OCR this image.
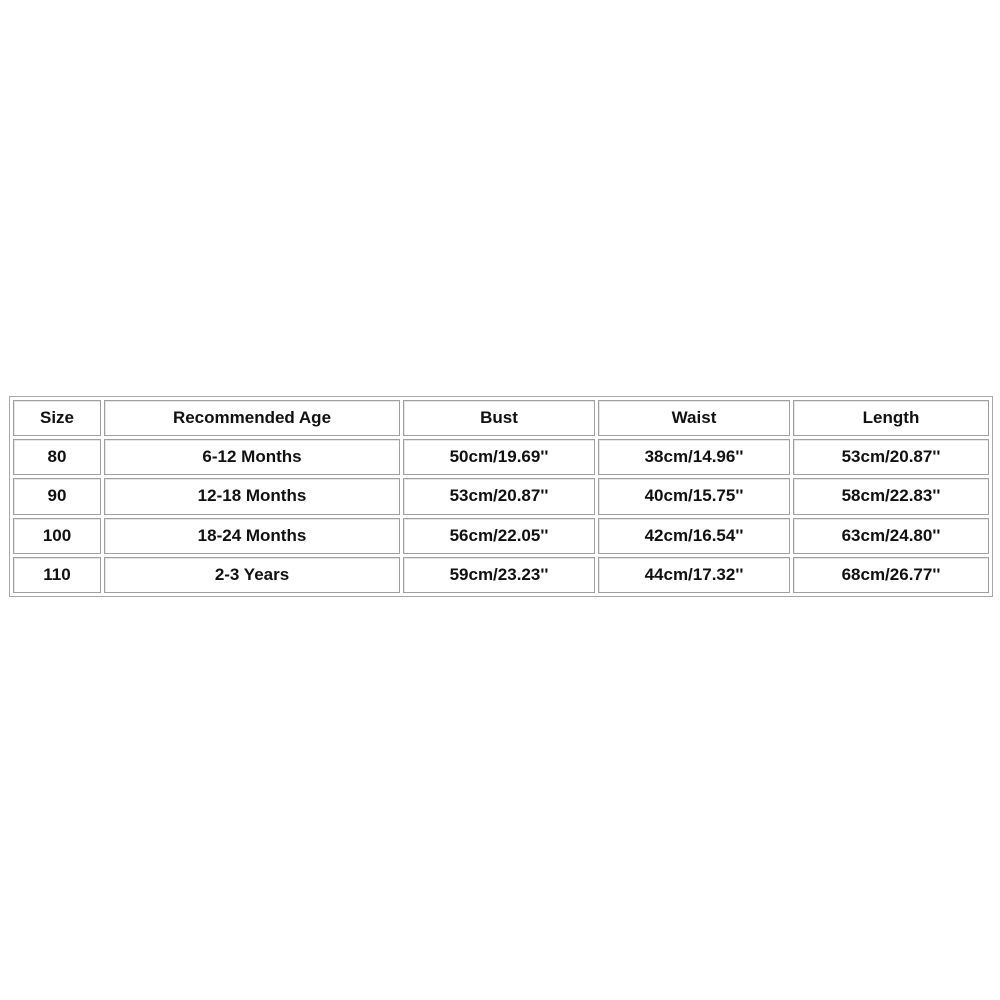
Size	Recommended Age	Bust	Waist	Length
80	6-12 Months	50cm/19.69''	38cm/14.96''	53cm/20.87''
90	12-18 Months	53cm/20.87''	40cm/15.75''	58cm/22.83''
100	18-24 Months	56cm/22.05''	42cm/16.54''	63cm/24.80''
110	2-3 Years	59cm/23.23''	44cm/17.32''	68cm/26.77''
